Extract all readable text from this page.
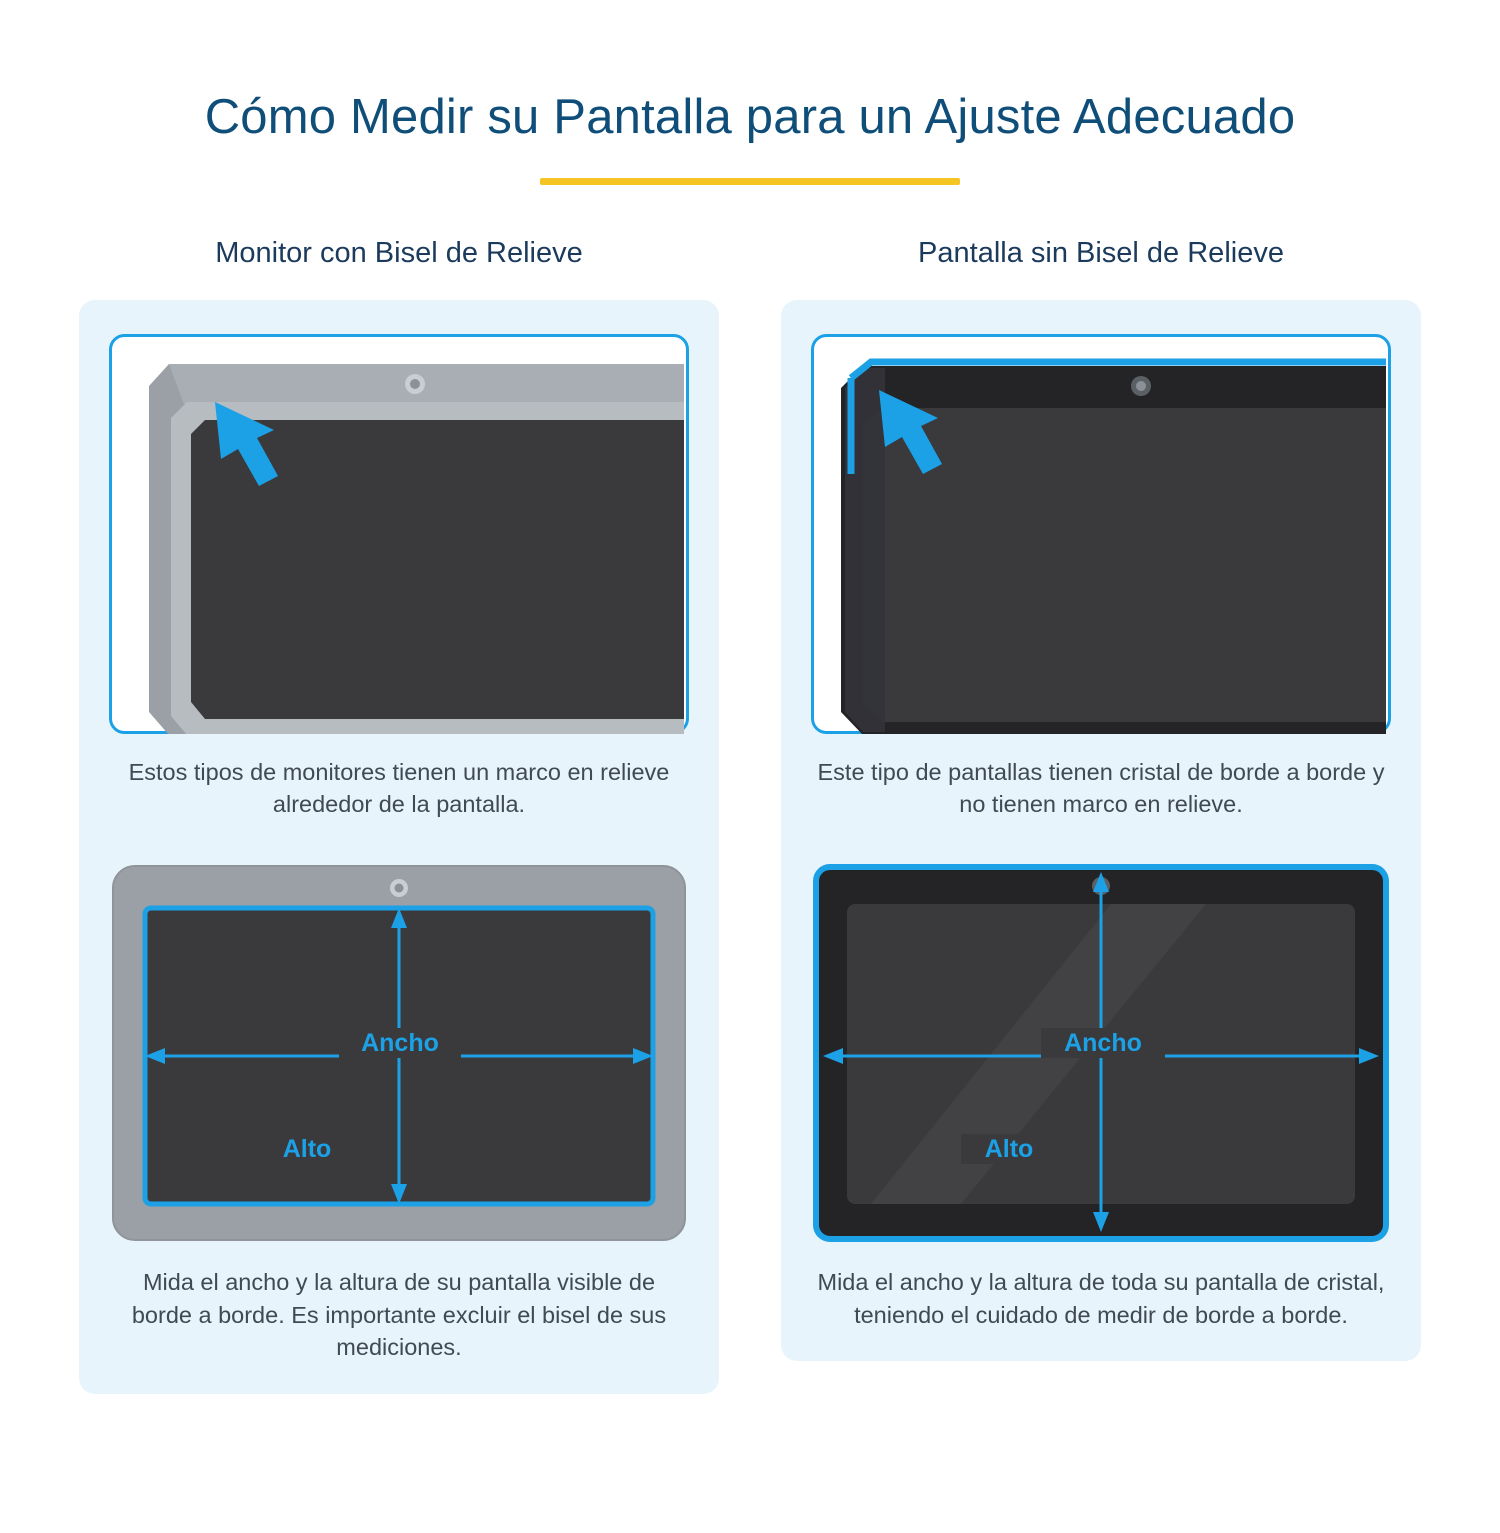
Cómo Medir su Pantalla para un Ajuste Adecuado
Monitor con Bisel de Relieve
Estos tipos de monitores tienen un marco en relieve alrededor de la pantalla.
Ancho
Alto
Mida el ancho y la altura de su pantalla visible de borde a borde. Es importante excluir el bisel de sus mediciones.
Pantalla sin Bisel de Relieve
Este tipo de pantallas tienen cristal de borde a borde y no tienen marco en relieve.
Ancho
Alto
Mida el ancho y la altura de toda su pantalla de cristal, teniendo el cuidado de medir de borde a borde.
